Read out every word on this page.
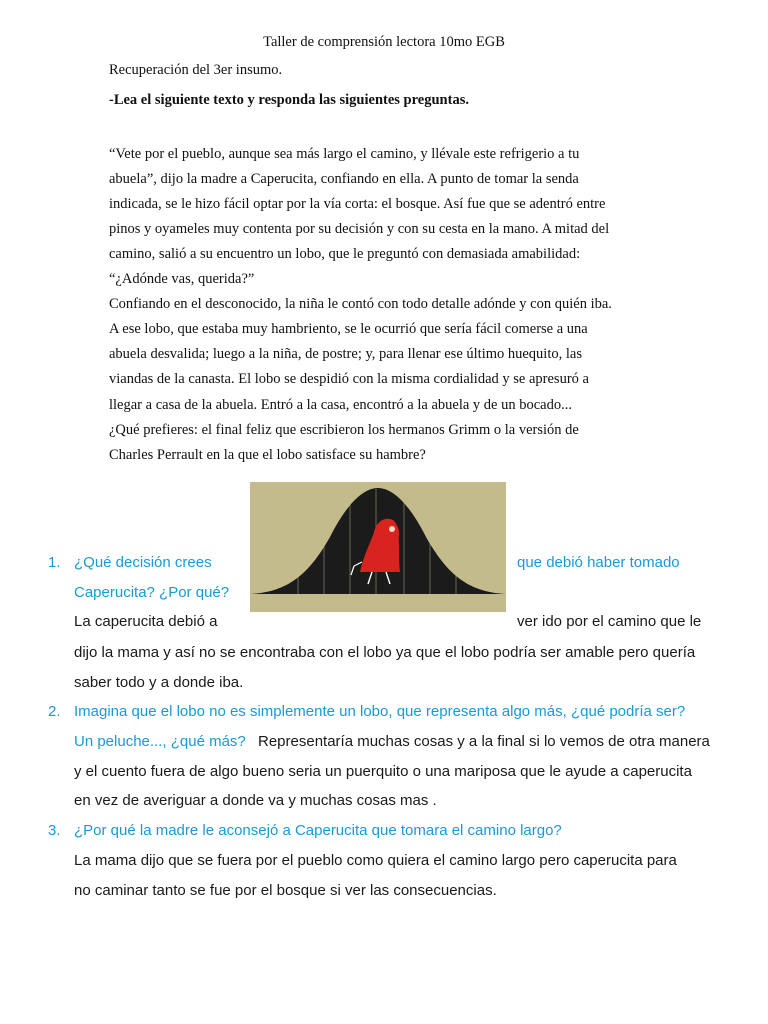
Taller de comprensión lectora 10mo EGB
Recuperación del 3er insumo.
-Lea el siguiente texto y responda las siguientes preguntas.
“Vete por el pueblo, aunque sea más largo el camino, y llévale este refrigerio a tu
abuela”, dijo la madre a Caperucita, confiando en ella. A punto de tomar la senda
indicada, se le hizo fácil optar por la vía corta: el bosque. Así fue que se adentró entre
pinos y oyameles muy contenta por su decisión y con su cesta en la mano. A mitad del
camino, salió a su encuentro un lobo, que le preguntó con demasiada amabilidad:
“¿Adónde vas, querida?”
Confiando en el desconocido, la niña le contó con todo detalle adónde y con quién iba.
A ese lobo, que estaba muy hambriento, se le ocurrió que sería fácil comerse a una
abuela desvalida; luego a la niña, de postre; y, para llenar ese último huequito, las
viandas de la canasta. El lobo se despidió con la misma cordialidad y se apresuró a
llegar a casa de la abuela. Entró a la casa, encontró a la abuela y de un bocado...
¿Qué prefieres: el final feliz que escribieron los hermanos Grimm o la versión de
Charles Perrault en la que el lobo satisface su hambre?
1. ¿Qué decisión crees	que debió haber tomado
Caperucita? ¿Por qué?
La caperucita debió a	ver ido por el camino que le
dijo la mama y así no se encontraba con el lobo ya que el lobo podría ser amable pero quería
saber todo y a donde iba.
2. Imagina que el lobo no es simplemente un lobo, que representa algo más, ¿qué podría ser?
Un peluche..., ¿qué más? Representaría muchas cosas y a la final si lo vemos de otra manera
y el cuento fuera de algo bueno seria un puerquito o una mariposa que le ayude a caperucita
en vez de averiguar a donde va y muchas cosas mas .
3. ¿Por qué la madre le aconsejó a Caperucita que tomara el camino largo?
La mama dijo que se fuera por el pueblo como quiera el camino largo pero caperucita para
no caminar tanto se fue por el bosque si ver las consecuencias.
